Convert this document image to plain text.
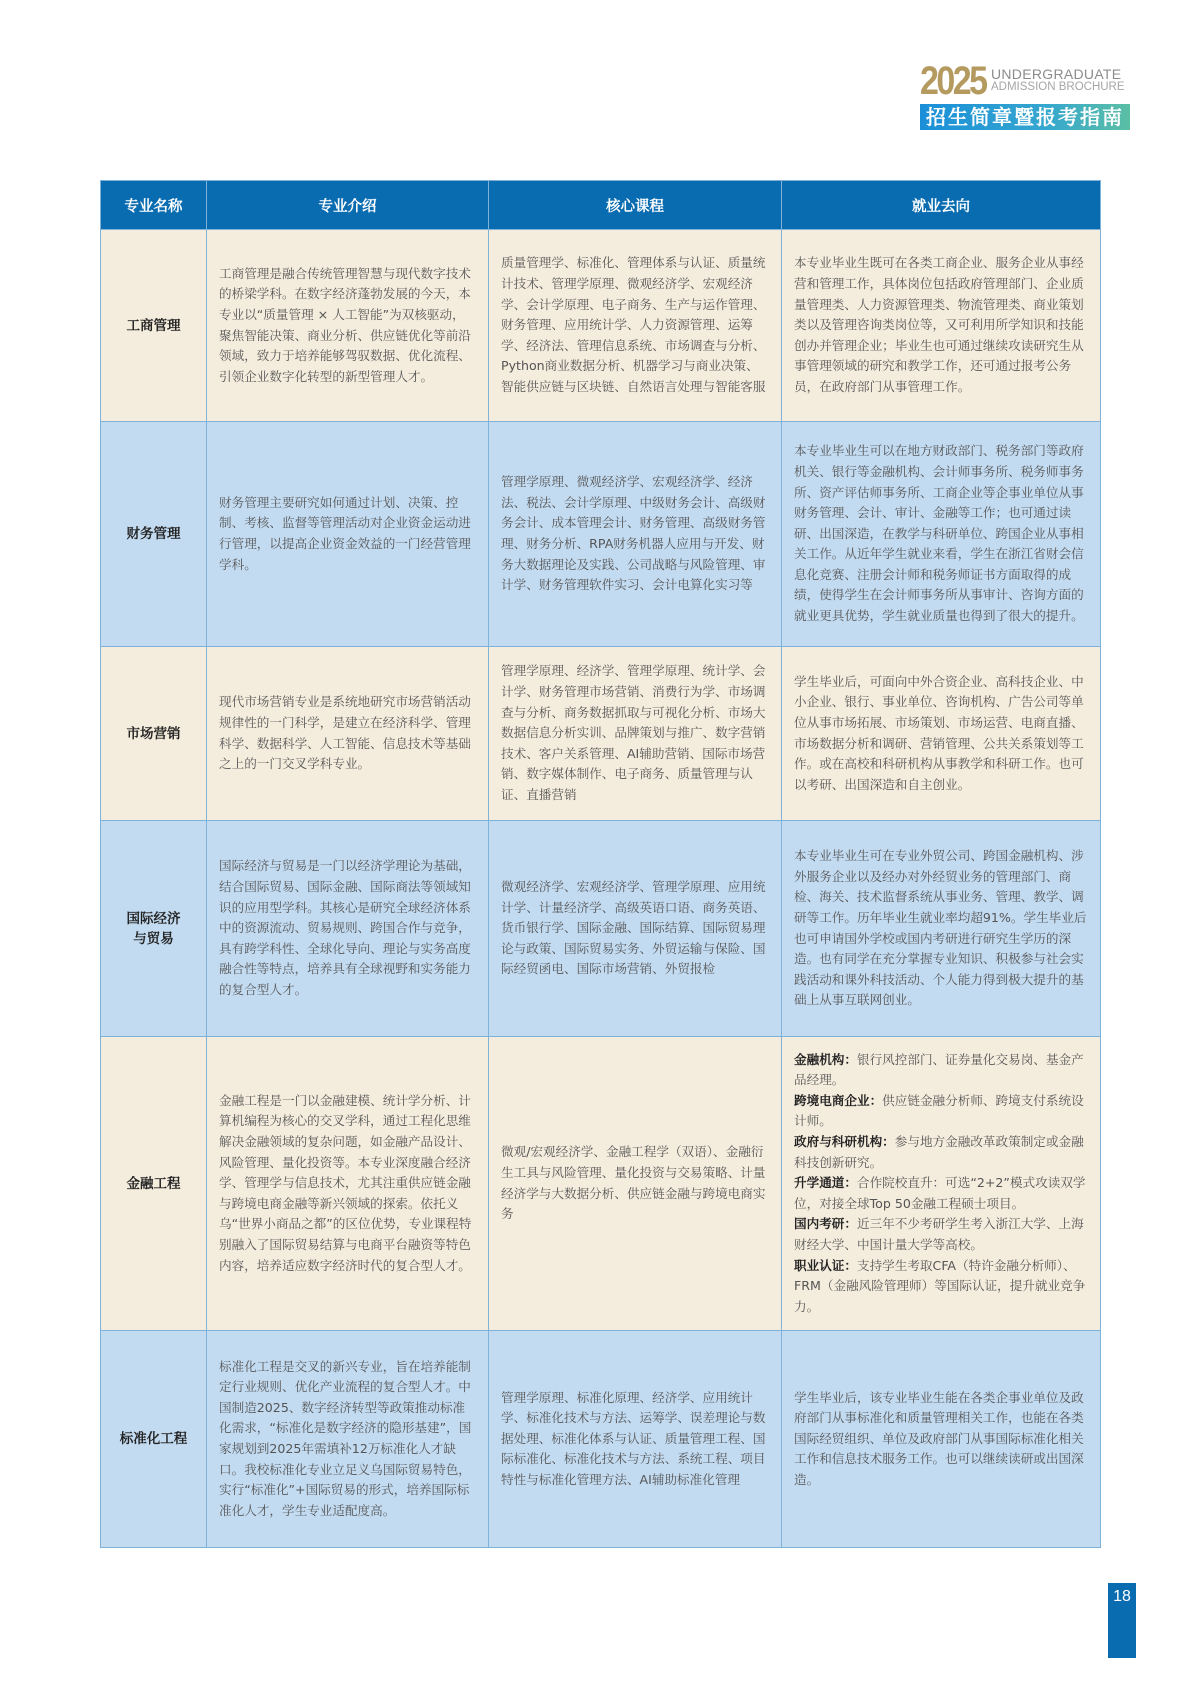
2025 UNDERGRADUATE
ADMISSION BROCHURE
招生简章暨报考指南
专业名称	专业介绍	核心课程	就业去向
工商管理	工商管理是融合传统管理智慧与现代数字技术的桥梁学科。在数字经济蓬勃发展的今天，本专业以“质量管理 × 人工智能”为双核驱动，聚焦智能决策、商业分析、供应链优化等前沿领域，致力于培养能够驾驭数据、优化流程、引领企业数字化转型的新型管理人才。	质量管理学、标准化、管理体系与认证、质量统计技术、管理学原理、微观经济学、宏观经济学、会计学原理、电子商务、生产与运作管理、财务管理、应用统计学、人力资源管理、运筹学、经济法、管理信息系统、市场调查与分析、Python商业数据分析、机器学习与商业决策、智能供应链与区块链、自然语言处理与智能客服	本专业毕业生既可在各类工商企业、服务企业从事经营和管理工作，具体岗位包括政府管理部门、企业质量管理类、人力资源管理类、物流管理类、商业策划类以及管理咨询类岗位等，又可利用所学知识和技能创办并管理企业；毕业生也可通过继续攻读研究生从事管理领域的研究和教学工作，还可通过报考公务员，在政府部门从事管理工作。
财务管理	财务管理主要研究如何通过计划、决策、控制、考核、监督等管理活动对企业资金运动进行管理，以提高企业资金效益的一门经营管理学科。	管理学原理、微观经济学、宏观经济学、经济法、税法、会计学原理、中级财务会计、高级财务会计、成本管理会计、财务管理、高级财务管理、财务分析、RPA财务机器人应用与开发、财务大数据理论及实践、公司战略与风险管理、审计学、财务管理软件实习、会计电算化实习等	本专业毕业生可以在地方财政部门、税务部门等政府机关、银行等金融机构、会计师事务所、税务师事务所、资产评估师事务所、工商企业等企事业单位从事财务管理、会计、审计、金融等工作；也可通过读研、出国深造，在教学与科研单位、跨国企业从事相关工作。从近年学生就业来看，学生在浙江省财会信息化竞赛、注册会计师和税务师证书方面取得的成绩，使得学生在会计师事务所从事审计、咨询方面的就业更具优势，学生就业质量也得到了很大的提升。
市场营销	现代市场营销专业是系统地研究市场营销活动规律性的一门科学，是建立在经济科学、管理科学、数据科学、人工智能、信息技术等基础之上的一门交叉学科专业。	管理学原理、经济学、管理学原理、统计学、会计学、财务管理市场营销、消费行为学、市场调查与分析、商务数据抓取与可视化分析、市场大数据信息分析实训、品牌策划与推广、数字营销技术、客户关系管理、AI辅助营销、国际市场营销、数字媒体制作、电子商务、质量管理与认证、直播营销	学生毕业后，可面向中外合资企业、高科技企业、中小企业、银行、事业单位、咨询机构、广告公司等单位从事市场拓展、市场策划、市场运营、电商直播、市场数据分析和调研、营销管理、公共关系策划等工作。或在高校和科研机构从事教学和科研工作。也可以考研、出国深造和自主创业。

国际经济
与贸易	国际经济与贸易是一门以经济学理论为基础，结合国际贸易、国际金融、国际商法等领域知识的应用型学科。其核心是研究全球经济体系中的资源流动、贸易规则、跨国合作与竞争，具有跨学科性、全球化导向、理论与实务高度融合性等特点，培养具有全球视野和实务能力的复合型人才。	微观经济学、宏观经济学、管理学原理、应用统计学、计量经济学、高级英语口语、商务英语、货币银行学、国际金融、国际结算、国际贸易理论与政策、国际贸易实务、外贸运输与保险、国际经贸函电、国际市场营销、外贸报检	本专业毕业生可在专业外贸公司、跨国金融机构、涉外服务企业以及经办对外经贸业务的管理部门、商检、海关、技术监督系统从事业务、管理、教学、调研等工作。历年毕业生就业率均超91%。学生毕业后也可申请国外学校或国内考研进行研究生学历的深造。也有同学在充分掌握专业知识、积极参与社会实践活动和课外科技活动、个人能力得到极大提升的基础上从事互联网创业。
金融工程	金融工程是一门以金融建模、统计学分析、计算机编程为核心的交叉学科，通过工程化思维解决金融领域的复杂问题，如金融产品设计、风险管理、量化投资等。本专业深度融合经济学、管理学与信息技术，尤其注重供应链金融与跨境电商金融等新兴领域的探索。依托义乌“世界小商品之都”的区位优势，专业课程特别融入了国际贸易结算与电商平台融资等特色内容，培养适应数字经济时代的复合型人才。	微观/宏观经济学、金融工程学（双语）、金融衍生工具与风险管理、量化投资与交易策略、计量经济学与大数据分析、供应链金融与跨境电商实务	
金融机构：银行风控部门、证券量化交易岗、基金产品经理。
跨境电商企业：供应链金融分析师、跨境支付系统设计师。
政府与科研机构：参与地方金融改革政策制定或金融科技创新研究。
升学通道：合作院校直升：可选“2+2”模式攻读双学位，对接全球Top 50金融工程硕士项目。
国内考研：近三年不少考研学生考入浙江大学、上海财经大学、中国计量大学等高校。
职业认证：支持学生考取CFA（特许金融分析师）、FRM（金融风险管理师）等国际认证，提升就业竞争力。

标准化工程	标准化工程是交叉的新兴专业，旨在培养能制定行业规则、优化产业流程的复合型人才。中国制造2025、数字经济转型等政策推动标准化需求，“标准化是数字经济的隐形基建”，国家规划到2025年需填补12万标准化人才缺口。我校标准化专业立足义乌国际贸易特色，实行“标准化”+国际贸易的形式，培养国际标准化人才，学生专业适配度高。	管理学原理、标准化原理、经济学、应用统计学、标准化技术与方法、运筹学、误差理论与数据处理、标准化体系与认证、质量管理工程、国际标准化、标准化技术与方法、系统工程、项目特性与标准化管理方法、AI辅助标准化管理	学生毕业后，该专业毕业生能在各类企事业单位及政府部门从事标准化和质量管理相关工作，也能在各类国际经贸组织、单位及政府部门从事国际标准化相关工作和信息技术服务工作。也可以继续读研或出国深造。
18
